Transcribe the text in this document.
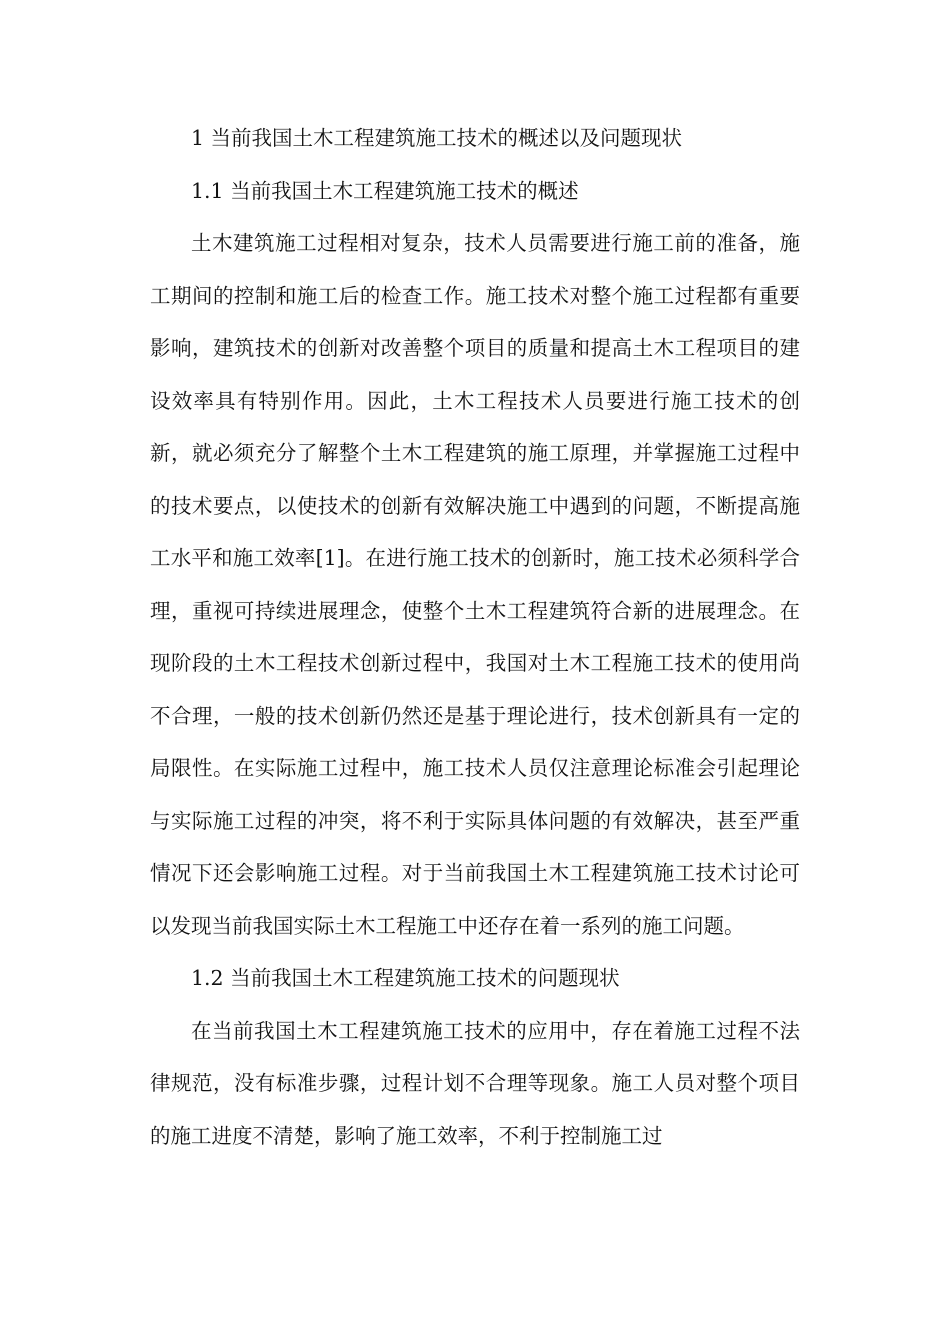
1 当前我国土木工程建筑施工技术的概述以及问题现状

1.1 当前我国土木工程建筑施工技术的概述

土木建筑施工过程相对复杂，技术人员需要进行施工前的准备，施工期间的控制和施工后的检查工作。施工技术对整个施工过程都有重要影响，建筑技术的创新对改善整个项目的质量和提高土木工程项目的建设效率具有特别作用。因此，土木工程技术人员要进行施工技术的创新，就必须充分了解整个土木工程建筑的施工原理，并掌握施工过程中的技术要点，以使技术的创新有效解决施工中遇到的问题，不断提高施工水平和施工效率[1]。在进行施工技术的创新时，施工技术必须科学合理，重视可持续进展理念，使整个土木工程建筑符合新的进展理念。在现阶段的土木工程技术创新过程中，我国对土木工程施工技术的使用尚不合理，一般的技术创新仍然还是基于理论进行，技术创新具有一定的局限性。在实际施工过程中，施工技术人员仅注意理论标准会引起理论与实际施工过程的冲突，将不利于实际具体问题的有效解决，甚至严重情况下还会影响施工过程。对于当前我国土木工程建筑施工技术讨论可以发现当前我国实际土木工程施工中还存在着一系列的施工问题。

1.2 当前我国土木工程建筑施工技术的问题现状

在当前我国土木工程建筑施工技术的应用中，存在着施工过程不法律规范，没有标准步骤，过程计划不合理等现象。施工人员对整个项目的施工进度不清楚，影响了施工效率，不利于控制施工过
